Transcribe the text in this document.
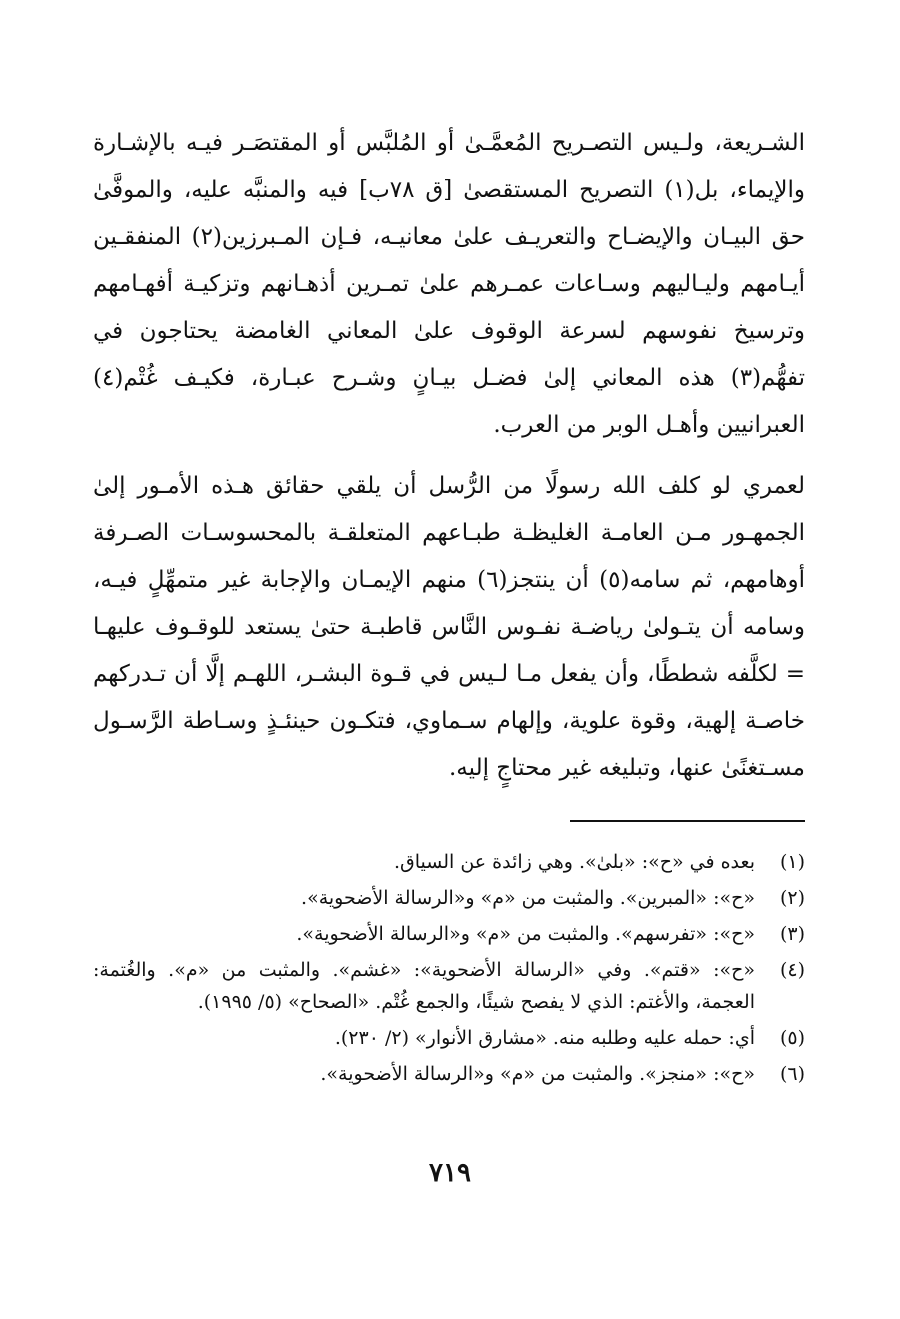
الشـريعة، ولـيس التصـريح المُعمَّـىٰ أو المُلبَّس أو المقتصَـر فيـه بالإشـارة والإيماء، بل(١) التصريح المستقصىٰ [ق ٧٨ب] فيه والمنبَّه عليه، والموفَّىٰ حق البيـان والإيضـاح والتعريـف علىٰ معانيـه، فـإن المـبرزين(٢) المنفقـين أيـامهم وليـاليهم وسـاعات عمـرهم علىٰ تمـرين أذهـانهم وتزكيـة أفهـامهم وترسيخ نفوسهم لسرعة الوقوف علىٰ المعاني الغامضة يحتاجون في تفهُّم(٣) هذه المعاني إلىٰ فضـل بيـانٍ وشـرح عبـارة، فكيـف غُتْم(٤) العبرانيين وأهـل الوبر من العرب.

لعمري لو كلف الله رسولًا من الرُّسل أن يلقي حقائق هـذه الأمـور إلىٰ الجمهـور مـن العامـة الغليظـة طبـاعهم المتعلقـة بالمحسوسـات الصـرفة أوهامهم، ثم سامه(٥) أن ينتجز(٦) منهم الإيمـان والإجابة غير متمهِّلٍ فيـه، وسامه أن يتـولىٰ رياضـة نفـوس النَّاس قاطبـة حتىٰ يستعد للوقـوف عليهـا = لكلَّفه شططًا، وأن يفعل مـا لـيس في قـوة البشـر، اللهـم إلَّا أن تـدركهم خاصـة إلهية، وقوة علوية، وإلهام سـماوي، فتكـون حينئـذٍ وسـاطة الرَّسـول مسـتغنًىٰ عنها، وتبليغه غير محتاجٍ إليه.

(١)
بعده في «ح»: «بلىٰ». وهي زائدة عن السياق.
(٢)
«ح»: «المبرين». والمثبت من «م» و«الرسالة الأضحوية».
(٣)
«ح»: «تفرسهم». والمثبت من «م» و«الرسالة الأضحوية».
(٤)
«ح»: «قتم». وفي «الرسالة الأضحوية»: «غشم». والمثبت من «م». والغُتمة: العجمة، والأغتم: الذي لا يفصح شيئًا، والجمع غُتْم. «الصحاح» (٥/ ١٩٩٥).
(٥)
أي: حمله عليه وطلبه منه. «مشارق الأنوار» (٢/ ٢٣٠).
(٦)
«ح»: «منجز». والمثبت من «م» و«الرسالة الأضحوية».
٧١٩
